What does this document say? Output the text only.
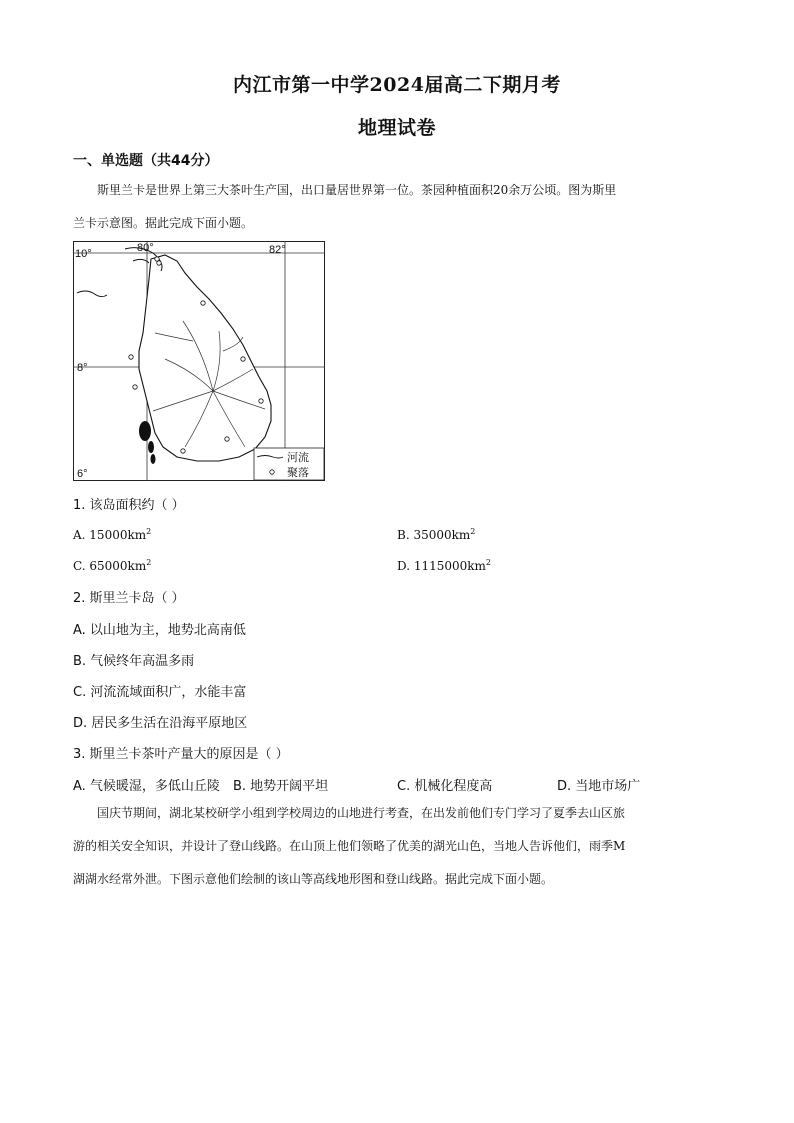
内江市第一中学2024届高二下期月考
地理试卷
一、单选题（共44分）
斯里兰卡是世界上第三大茶叶生产国，出口量居世界第一位。茶园种植面积20余万公顷。图为斯里
兰卡示意图。据此完成下面小题。
10°
8°
6°
80°	82°
河流
聚落
1. 该岛面积约（ ）
A. $15000km^2$	B. $35000km^2$
C. $65000km^2$	D. $1115000km^2$
2. 斯里兰卡岛（ ）
A. 以山地为主，地势北高南低
B. 气候终年高温多雨
C. 河流流域面积广，水能丰富
D. 居民多生活在沿海平原地区
3. 斯里兰卡茶叶产量大的原因是（ ）
A. 气候暖湿，多低山丘陵 B. 地势开阔平坦	C. 机械化程度高	D. 当地市场广
国庆节期间，湖北某校研学小组到学校周边的山地进行考查，在出发前他们专门学习了夏季去山区旅
游的相关安全知识，并设计了登山线路。在山顶上他们领略了优美的湖光山色，当地人告诉他们，雨季M
湖湖水经常外泄。下图示意他们绘制的该山等高线地形图和登山线路。据此完成下面小题。
